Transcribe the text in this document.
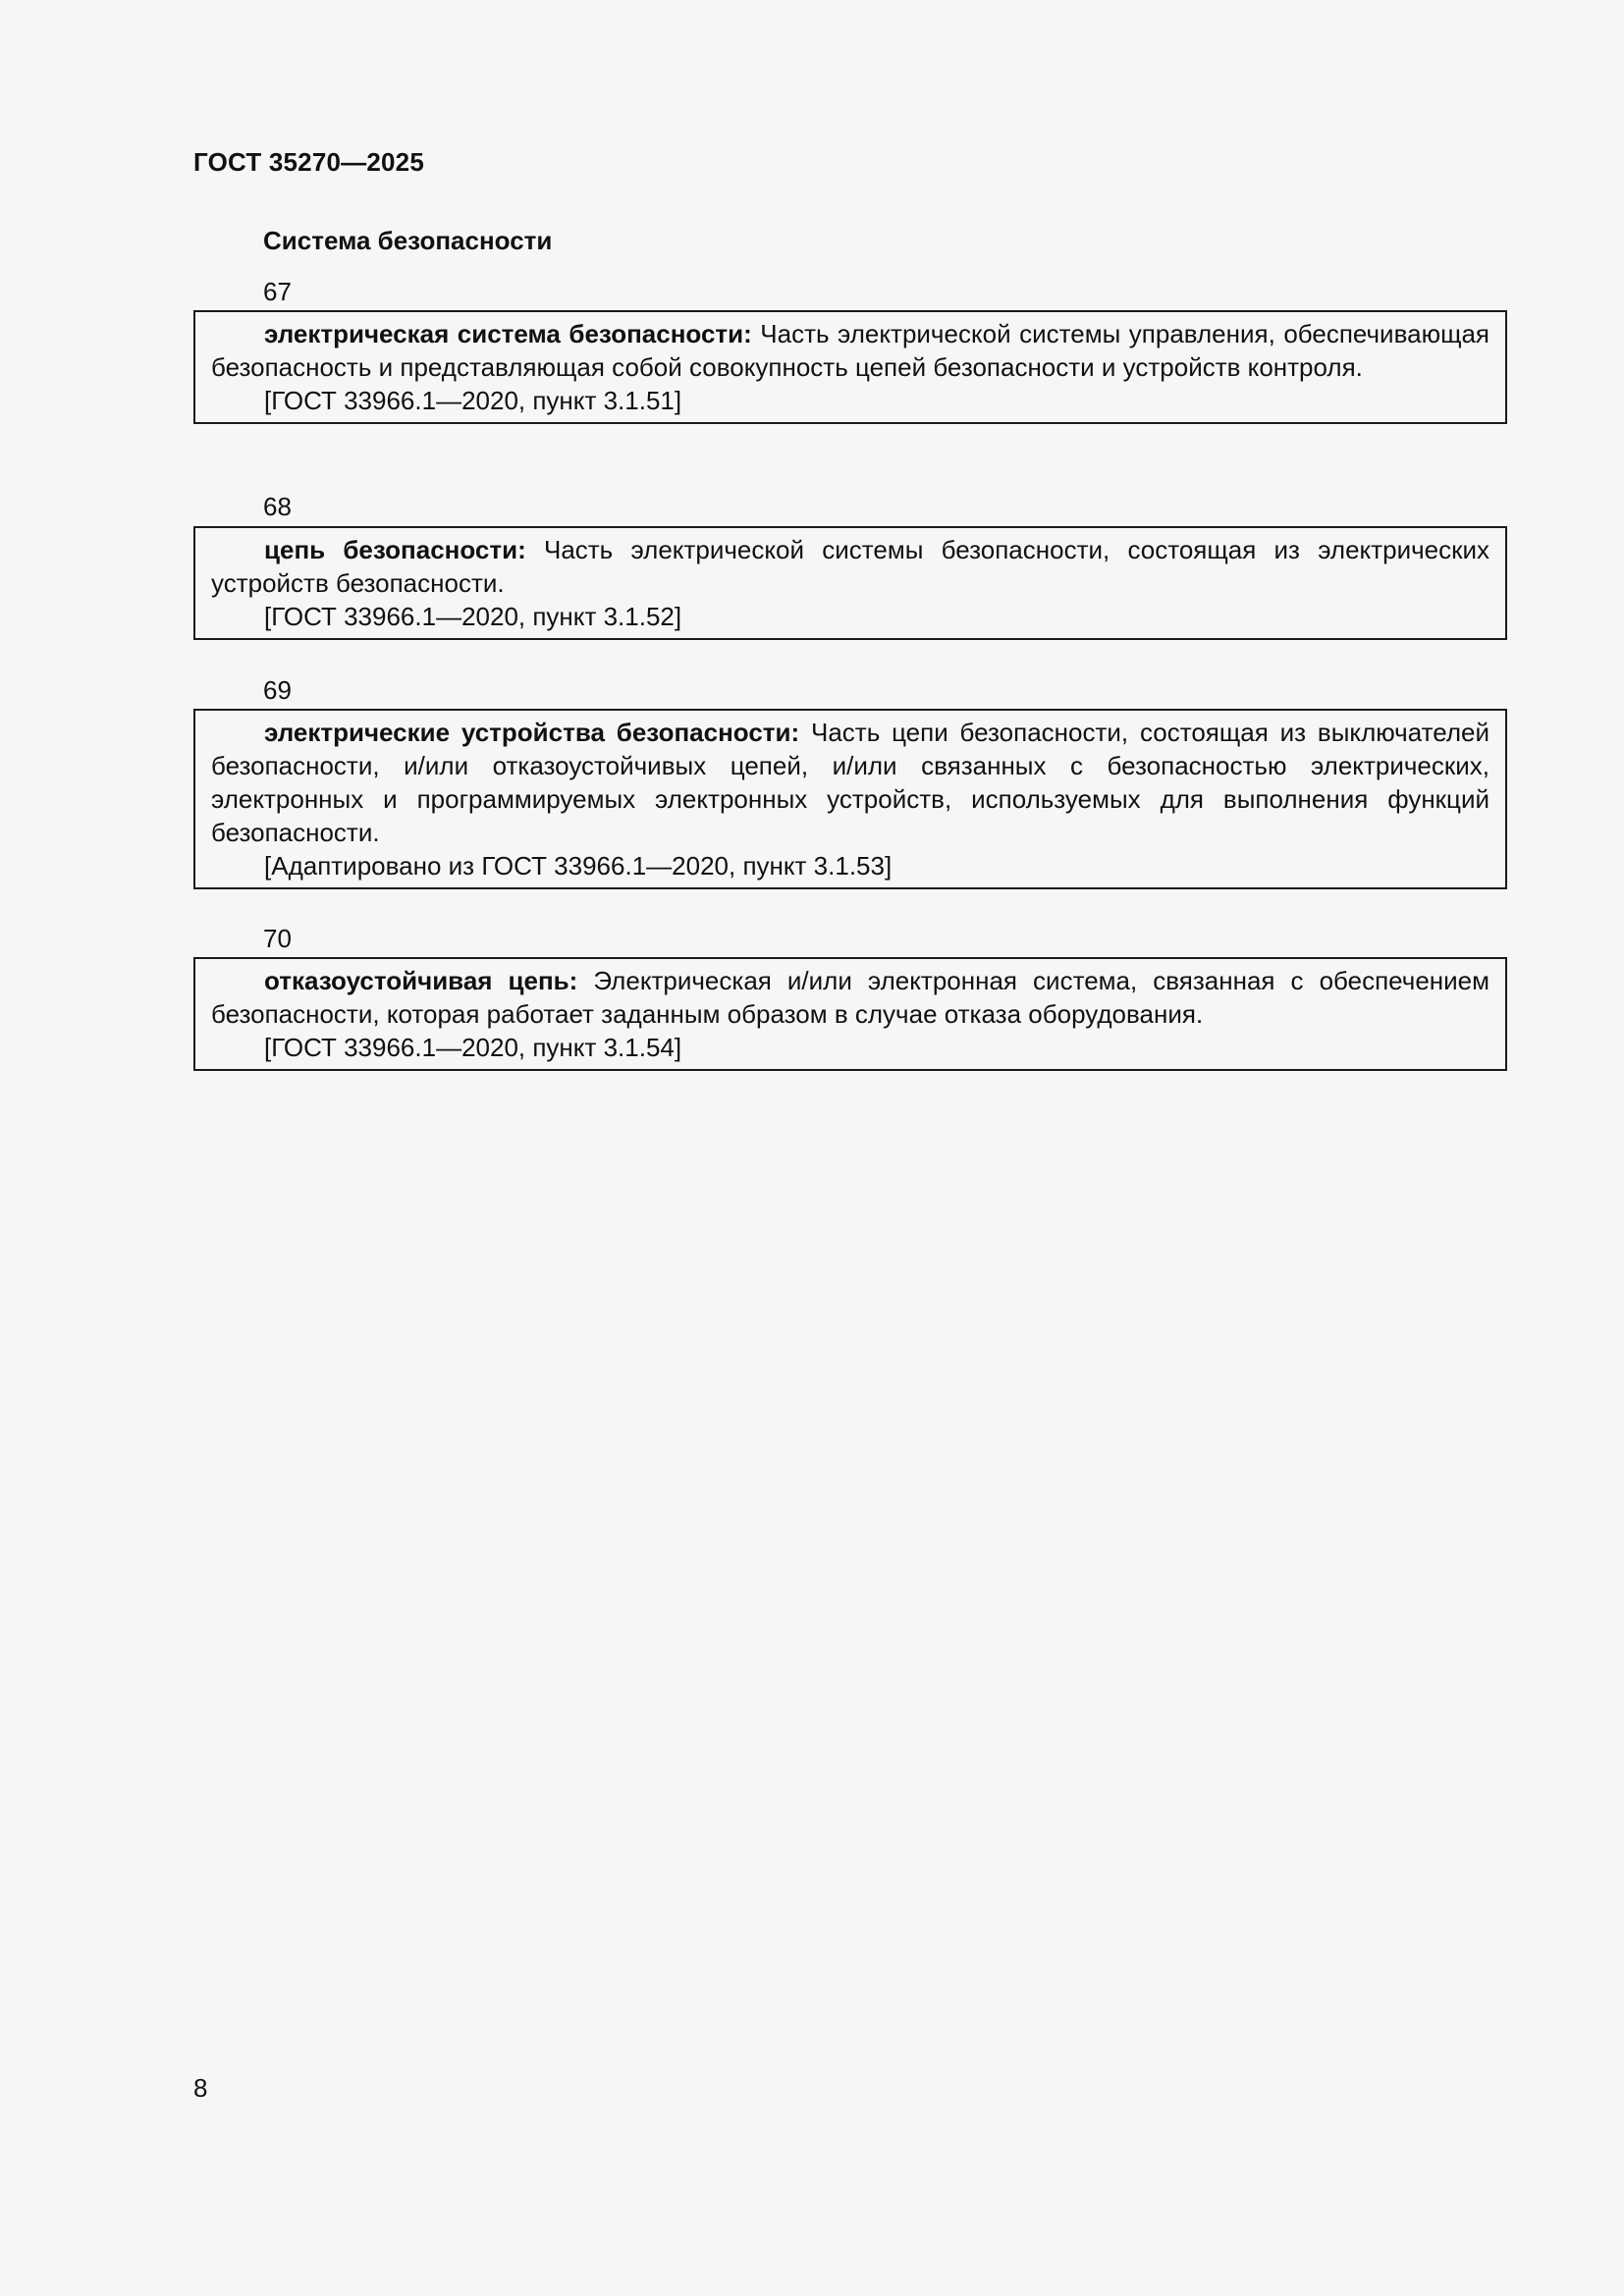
ГОСТ 35270—2025
Система безопасности
67

электрическая система безопасности: Часть электрической системы управления, обеспечивающая безопасность и представляющая собой совокупность цепей безопасности и устройств контроля.

[ГОСТ 33966.1—2020, пункт 3.1.51]

68

цепь безопасности: Часть электрической системы безопасности, состоящая из электрических устройств безопасности.

[ГОСТ 33966.1—2020, пункт 3.1.52]

69

электрические устройства безопасности: Часть цепи безопасности, состоящая из выключателей безопасности, и/или отказоустойчивых цепей, и/или связанных с безопасностью электрических, электронных и программируемых электронных устройств, используемых для выполнения функций безопасности.

[Адаптировано из ГОСТ 33966.1—2020, пункт 3.1.53]

70

отказоустойчивая цепь: Электрическая и/или электронная система, связанная с обеспечением безопасности, которая работает заданным образом в случае отказа оборудования.

[ГОСТ 33966.1—2020, пункт 3.1.54]

8
